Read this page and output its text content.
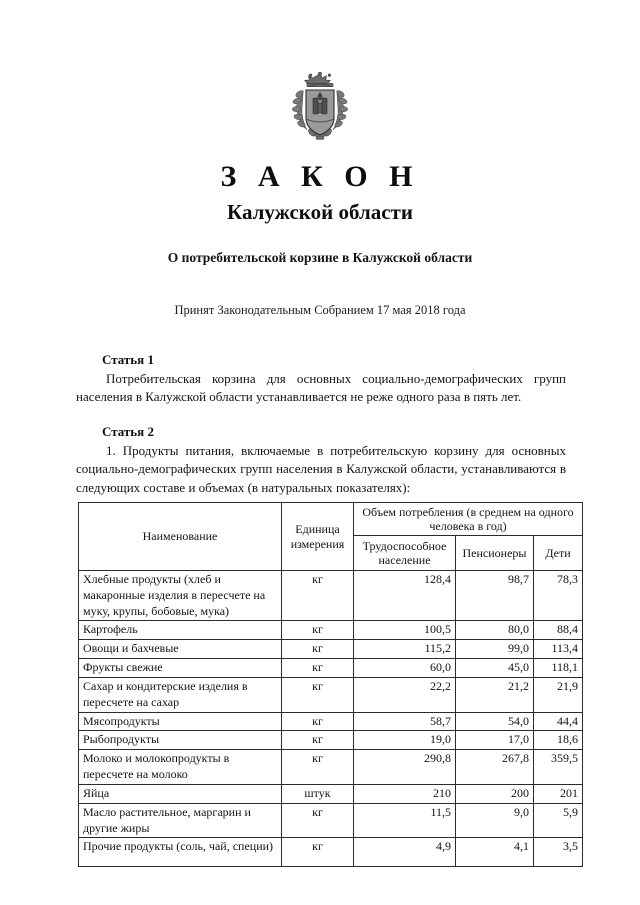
З А К О Н
Калужской области
О потребительской корзине в Калужской области
Принят Законодательным Собранием 17 мая 2018 года
Статья 1

Потребительская корзина для основных социально-демографических групп населения в Калужской области устанавливается не реже одного раза в пять лет.

Статья 2

1. Продукты питания, включаемые в потребительскую корзину для основных социально-демографических групп населения в Калужской области, устанавливаются в следующих составе и объемах (в натуральных показателях):

Наименование	Единица измерения	Объем потребления (в среднем на одного человека в год)		
		Трудоспособное население	Пенсионеры	Дети
Хлебные продукты (хлеб и макаронные изделия в пересчете на муку, крупы, бобовые, мука)	кг	128,4	98,7	78,3
Картофель	кг	100,5	80,0	88,4
Овощи и бахчевые	кг	115,2	99,0	113,4
Фрукты свежие	кг	60,0	45,0	118,1
Сахар и кондитерские изделия в пересчете на сахар	кг	22,2	21,2	21,9
Мясопродукты	кг	58,7	54,0	44,4
Рыбопродукты	кг	19,0	17,0	18,6
Молоко и молокопродукты в пересчете на молоко	кг	290,8	267,8	359,5
Яйца	штук	210	200	201
Масло растительное, маргарин и другие жиры	кг	11,5	9,0	5,9
Прочие продукты (соль, чай, специи)	кг	4,9	4,1	3,5
